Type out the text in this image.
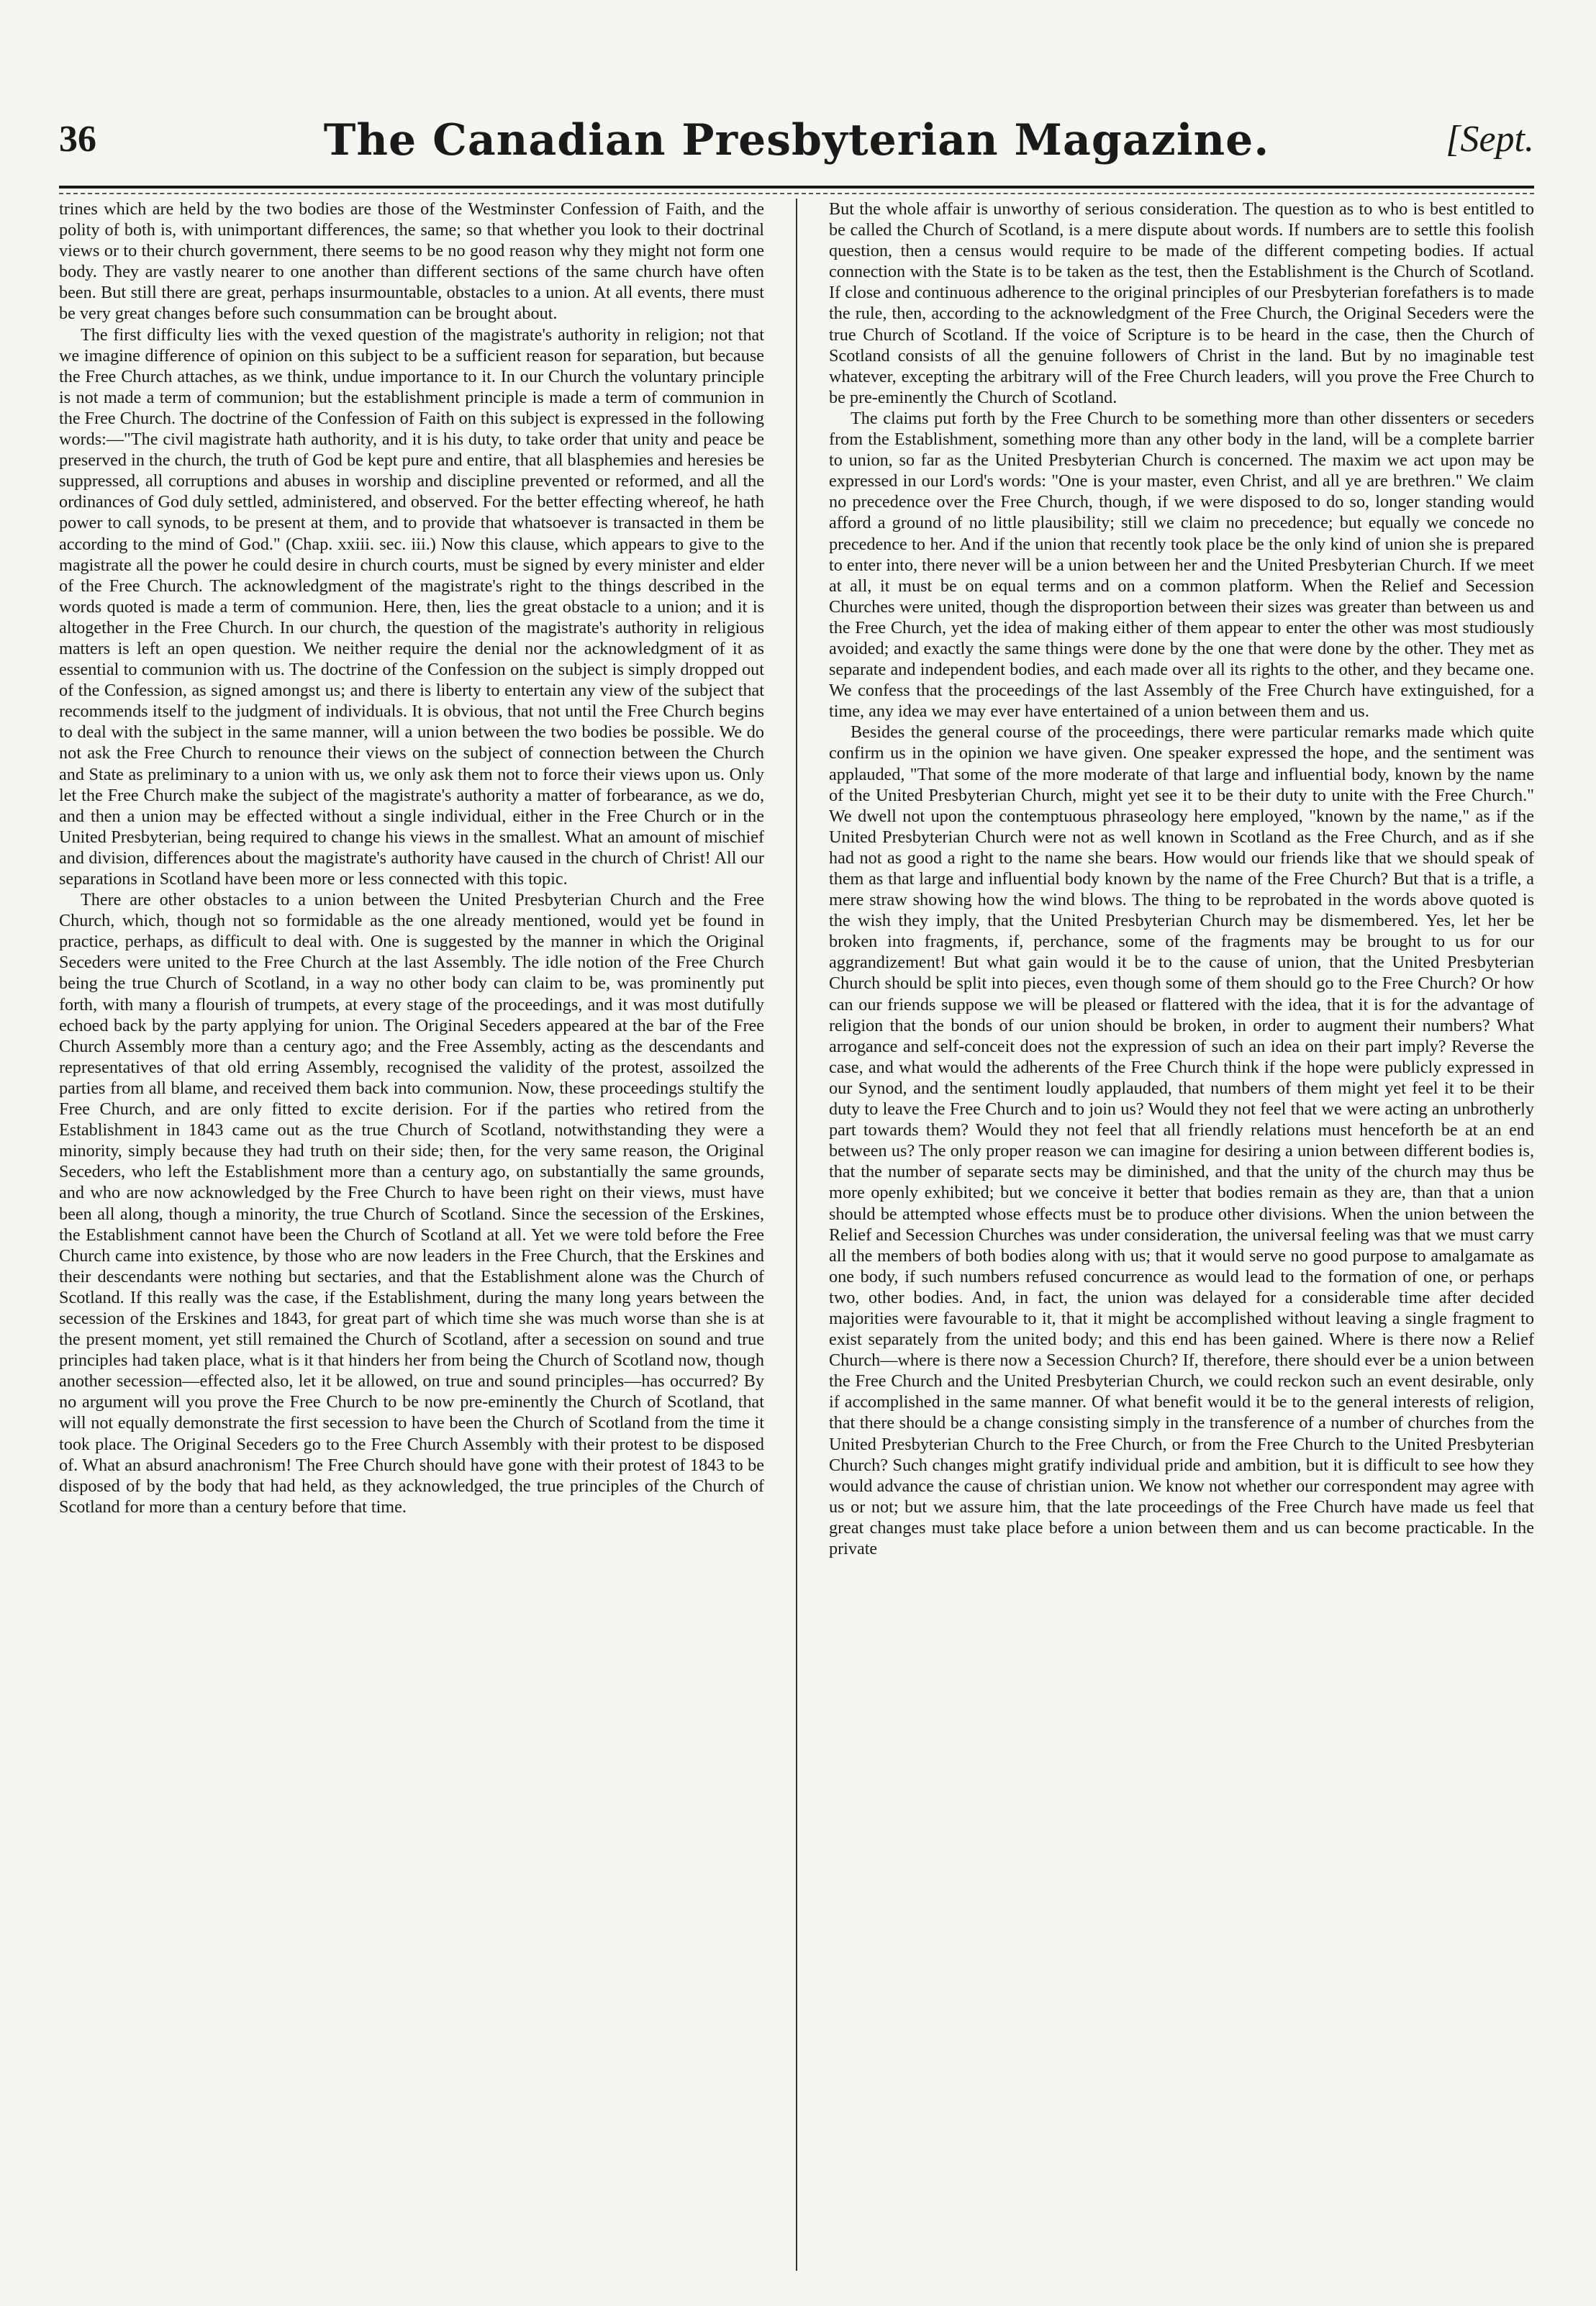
36	The Canadian Presbyterian Magazine.	[Sept.

trines which are held by the two bodies are those of the Westminster Confession of Faith, and the polity of both is, with unimportant differences, the same; so that whether you look to their doctrinal views or to their church government, there seems to be no good reason why they might not form one body. They are vastly nearer to one another than different sections of the same church have often been. But still there are great, perhaps insurmountable, obstacles to a union. At all events, there must be very great changes before such consummation can be brought about.

The first difficulty lies with the vexed question of the magistrate's authority in religion; not that we imagine difference of opinion on this subject to be a sufficient reason for separation, but because the Free Church attaches, as we think, undue importance to it. In our Church the voluntary principle is not made a term of communion; but the establishment principle is made a term of communion in the Free Church. The doctrine of the Confession of Faith on this subject is expressed in the following words:—"The civil magistrate hath authority, and it is his duty, to take order that unity and peace be preserved in the church, the truth of God be kept pure and entire, that all blasphemies and heresies be suppressed, all corruptions and abuses in worship and discipline prevented or reformed, and all the ordinances of God duly settled, administered, and observed. For the better effecting whereof, he hath power to call synods, to be present at them, and to provide that whatsoever is transacted in them be according to the mind of God." (Chap. xxiii. sec. iii.) Now this clause, which appears to give to the magistrate all the power he could desire in church courts, must be signed by every minister and elder of the Free Church. The acknowledgment of the magistrate's right to the things described in the words quoted is made a term of communion. Here, then, lies the great obstacle to a union; and it is altogether in the Free Church. In our church, the question of the magistrate's authority in religious matters is left an open question. We neither require the denial nor the acknowledgment of it as essential to communion with us. The doctrine of the Confession on the subject is simply dropped out of the Confession, as signed amongst us; and there is liberty to entertain any view of the subject that recommends itself to the judgment of individuals. It is obvious, that not until the Free Church begins to deal with the subject in the same manner, will a union between the two bodies be possible. We do not ask the Free Church to renounce their views on the subject of connection between the Church and State as preliminary to a union with us, we only ask them not to force their views upon us. Only let the Free Church make the subject of the magistrate's authority a matter of forbearance, as we do, and then a union may be effected without a single individual, either in the Free Church or in the United Presbyterian, being required to change his views in the smallest. What an amount of mischief and division, differences about the magistrate's authority have caused in the church of Christ! All our separations in Scotland have been more or less connected with this topic.

There are other obstacles to a union between the United Presbyterian Church and the Free Church, which, though not so formidable as the one already mentioned, would yet be found in practice, perhaps, as difficult to deal with. One is suggested by the manner in which the Original Seceders were united to the Free Church at the last Assembly. The idle notion of the Free Church being the true Church of Scotland, in a way no other body can claim to be, was prominently put forth, with many a flourish of trumpets, at every stage of the proceedings, and it was most dutifully echoed back by the party applying for union. The Original Seceders appeared at the bar of the Free Church Assembly more than a century ago; and the Free Assembly, acting as the descendants and representatives of that old erring Assembly, recognised the validity of the protest, assoilzed the parties from all blame, and received them back into communion. Now, these proceedings stultify the Free Church, and are only fitted to excite derision. For if the parties who retired from the Establishment in 1843 came out as the true Church of Scotland, notwithstanding they were a minority, simply because they had truth on their side; then, for the very same reason, the Original Seceders, who left the Establishment more than a century ago, on substantially the same grounds, and who are now acknowledged by the Free Church to have been right on their views, must have been all along, though a minority, the true Church of Scotland. Since the secession of the Erskines, the Establishment cannot have been the Church of Scotland at all. Yet we were told before the Free Church came into existence, by those who are now leaders in the Free Church, that the Erskines and their descendants were nothing but sectaries, and that the Establishment alone was the Church of Scotland. If this really was the case, if the Establishment, during the many long years between the secession of the Erskines and 1843, for great part of which time she was much worse than she is at the present moment, yet still remained the Church of Scotland, after a secession on sound and true principles had taken place, what is it that hinders her from being the Church of Scotland now, though another secession—effected also, let it be allowed, on true and sound principles—has occurred? By no argument will you prove the Free Church to be now pre-eminently the Church of Scotland, that will not equally demonstrate the first secession to have been the Church of Scotland from the time it took place. The Original Seceders go to the Free Church Assembly with their protest to be disposed of. What an absurd anachronism! The Free Church should have gone with their protest of 1843 to be disposed of by the body that had held, as they acknowledged, the true principles of the Church of Scotland for more than a century before that time.

But the whole affair is unworthy of serious consideration. The question as to who is best entitled to be called the Church of Scotland, is a mere dispute about words. If numbers are to settle this foolish question, then a census would require to be made of the different competing bodies. If actual connection with the State is to be taken as the test, then the Establishment is the Church of Scotland. If close and continuous adherence to the original principles of our Presbyterian forefathers is to made the rule, then, according to the acknowledgment of the Free Church, the Original Seceders were the true Church of Scotland. If the voice of Scripture is to be heard in the case, then the Church of Scotland consists of all the genuine followers of Christ in the land. But by no imaginable test whatever, excepting the arbitrary will of the Free Church leaders, will you prove the Free Church to be pre-eminently the Church of Scotland.

The claims put forth by the Free Church to be something more than other dissenters or seceders from the Establishment, something more than any other body in the land, will be a complete barrier to union, so far as the United Presbyterian Church is concerned. The maxim we act upon may be expressed in our Lord's words: "One is your master, even Christ, and all ye are brethren." We claim no precedence over the Free Church, though, if we were disposed to do so, longer standing would afford a ground of no little plausibility; still we claim no precedence; but equally we concede no precedence to her. And if the union that recently took place be the only kind of union she is prepared to enter into, there never will be a union between her and the United Presbyterian Church. If we meet at all, it must be on equal terms and on a common platform. When the Relief and Secession Churches were united, though the disproportion between their sizes was greater than between us and the Free Church, yet the idea of making either of them appear to enter the other was most studiously avoided; and exactly the same things were done by the one that were done by the other. They met as separate and independent bodies, and each made over all its rights to the other, and they became one. We confess that the proceedings of the last Assembly of the Free Church have extinguished, for a time, any idea we may ever have entertained of a union between them and us.

Besides the general course of the proceedings, there were particular remarks made which quite confirm us in the opinion we have given. One speaker expressed the hope, and the sentiment was applauded, "That some of the more moderate of that large and influential body, known by the name of the United Presbyterian Church, might yet see it to be their duty to unite with the Free Church." We dwell not upon the contemptuous phraseology here employed, "known by the name," as if the United Presbyterian Church were not as well known in Scotland as the Free Church, and as if she had not as good a right to the name she bears. How would our friends like that we should speak of them as that large and influential body known by the name of the Free Church? But that is a trifle, a mere straw showing how the wind blows. The thing to be reprobated in the words above quoted is the wish they imply, that the United Presbyterian Church may be dismembered. Yes, let her be broken into fragments, if, perchance, some of the fragments may be brought to us for our aggrandizement! But what gain would it be to the cause of union, that the United Presbyterian Church should be split into pieces, even though some of them should go to the Free Church? Or how can our friends suppose we will be pleased or flattered with the idea, that it is for the advantage of religion that the bonds of our union should be broken, in order to augment their numbers? What arrogance and self-conceit does not the expression of such an idea on their part imply? Reverse the case, and what would the adherents of the Free Church think if the hope were publicly expressed in our Synod, and the sentiment loudly applauded, that numbers of them might yet feel it to be their duty to leave the Free Church and to join us? Would they not feel that we were acting an unbrotherly part towards them? Would they not feel that all friendly relations must henceforth be at an end between us? The only proper reason we can imagine for desiring a union between different bodies is, that the number of separate sects may be diminished, and that the unity of the church may thus be more openly exhibited; but we conceive it better that bodies remain as they are, than that a union should be attempted whose effects must be to produce other divisions. When the union between the Relief and Secession Churches was under consideration, the universal feeling was that we must carry all the members of both bodies along with us; that it would serve no good purpose to amalgamate as one body, if such numbers refused concurrence as would lead to the formation of one, or perhaps two, other bodies. And, in fact, the union was delayed for a considerable time after decided majorities were favourable to it, that it might be accomplished without leaving a single fragment to exist separately from the united body; and this end has been gained. Where is there now a Relief Church—where is there now a Secession Church? If, therefore, there should ever be a union between the Free Church and the United Presbyterian Church, we could reckon such an event desirable, only if accomplished in the same manner. Of what benefit would it be to the general interests of religion, that there should be a change consisting simply in the transference of a number of churches from the United Presbyterian Church to the Free Church, or from the Free Church to the United Presbyterian Church? Such changes might gratify individual pride and ambition, but it is difficult to see how they would advance the cause of christian union. We know not whether our correspondent may agree with us or not; but we assure him, that the late proceedings of the Free Church have made us feel that great changes must take place before a union between them and us can become practicable. In the private
